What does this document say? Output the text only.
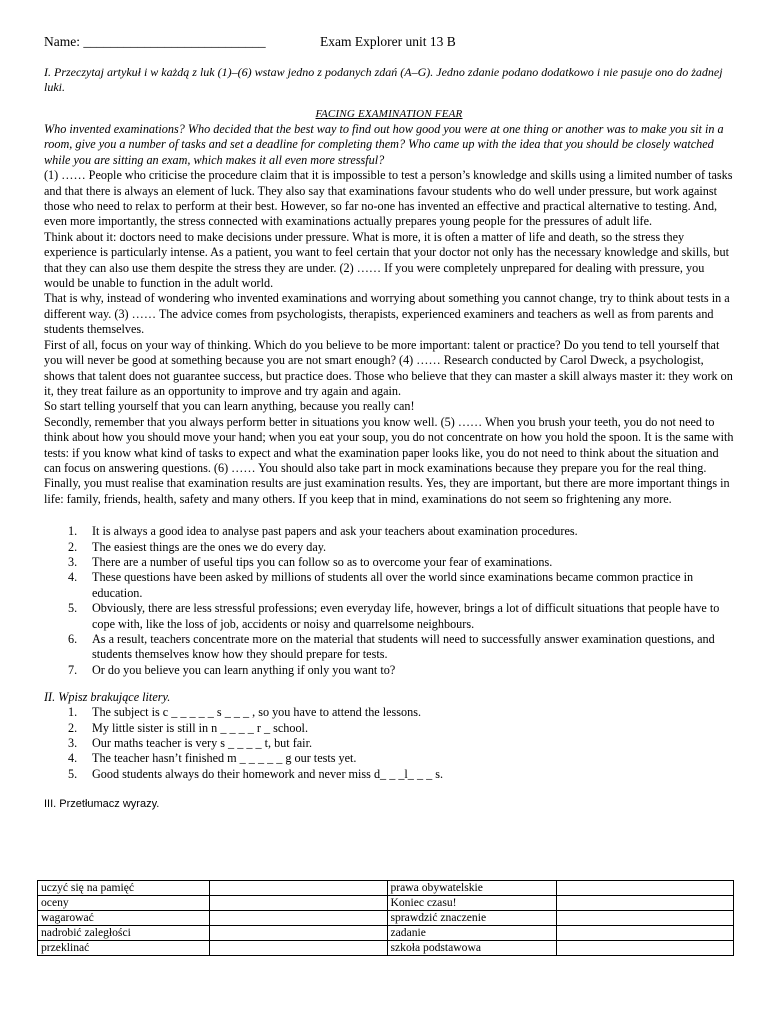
Name: ___________________________	Exam Explorer unit 13 B
I. Przeczytaj artykuł i w każdą z luk (1)–(6) wstaw jedno z podanych zdań (A–G). Jedno zdanie podano dodatkowo i nie pasuje ono do żadnej luki.
FACING EXAMINATION FEAR

Who invented examinations? Who decided that the best way to find out how good you were at one thing or another was to make you sit in a room, give you a number of tasks and set a deadline for completing them? Who came up with the idea that you should be closely watched while you are sitting an exam, which makes it all even more stressful?

(1) …… People who criticise the procedure claim that it is impossible to test a person’s knowledge and skills using a limited number of tasks and that there is always an element of luck. They also say that examinations favour students who do well under pressure, but work against those who need to relax to perform at their best. However, so far no-one has invented an effective and practical alternative to testing. And, even more importantly, the stress connected with examinations actually prepares young people for the pressures of adult life.

Think about it: doctors need to make decisions under pressure. What is more, it is often a matter of life and death, so the stress they experience is particularly intense. As a patient, you want to feel certain that your doctor not only has the necessary knowledge and skills, but that they can also use them despite the stress they are under. (2) …… If you were completely unprepared for dealing with pressure, you would be unable to function in the adult world.

That is why, instead of wondering who invented examinations and worrying about something you cannot change, try to think about tests in a different way. (3) …… The advice comes from psychologists, therapists, experienced examiners and teachers as well as from parents and students themselves.

First of all, focus on your way of thinking. Which do you believe to be more important: talent or practice? Do you tend to tell yourself that you will never be good at something because you are not smart enough? (4) …… Research conducted by Carol Dweck, a psychologist, shows that talent does not guarantee success, but practice does. Those who believe that they can master a skill always master it: they work on it, they treat failure as an opportunity to improve and try again and again.

So start telling yourself that you can learn anything, because you really can!

Secondly, remember that you always perform better in situations you know well. (5) …… When you brush your teeth, you do not need to think about how you should move your hand; when you eat your soup, you do not concentrate on how you hold the spoon. It is the same with tests: if you know what kind of tasks to expect and what the examination paper looks like, you do not need to think about the situation and can focus on answering questions. (6) …… You should also take part in mock examinations because they prepare you for the real thing.

Finally, you must realise that examination results are just examination results. Yes, they are important, but there are more important things in life: family, friends, health, safety and many others. If you keep that in mind, examinations do not seem so frightening any more.

1. It is always a good idea to analyse past papers and ask your teachers about examination procedures.
2. The easiest things are the ones we do every day.
3. There are a number of useful tips you can follow so as to overcome your fear of examinations.
4. These questions have been asked by millions of students all over the world since examinations became common practice in education.
5. Obviously, there are less stressful professions; even everyday life, however, brings a lot of difficult situations that people have to cope with, like the loss of job, accidents or noisy and quarrelsome neighbours.
6. As a result, teachers concentrate more on the material that students will need to successfully answer examination questions, and students themselves know how they should prepare for tests.
7. Or do you believe you can learn anything if only you want to?
II. Wpisz brakujące litery.
1. The subject is c _ _ _ _ _ s _ _ _ , so you have to attend the lessons.
2. My little sister is still in n _ _ _ _ r _ school.
3. Our maths teacher is very s _ _ _ _ t, but fair.
4. The teacher hasn’t finished m _ _ _ _ _ g our tests yet.
5. Good students always do their homework and never miss d_ _ _l_ _ _ s.
III. Przetłumacz wyrazy.
uczyć się na pamięć		prawa obywatelskie	
oceny		Koniec czasu!	
wagarować		sprawdzić znaczenie	
nadrobić zaległości		zadanie	
przeklinać		szkoła podstawowa	
